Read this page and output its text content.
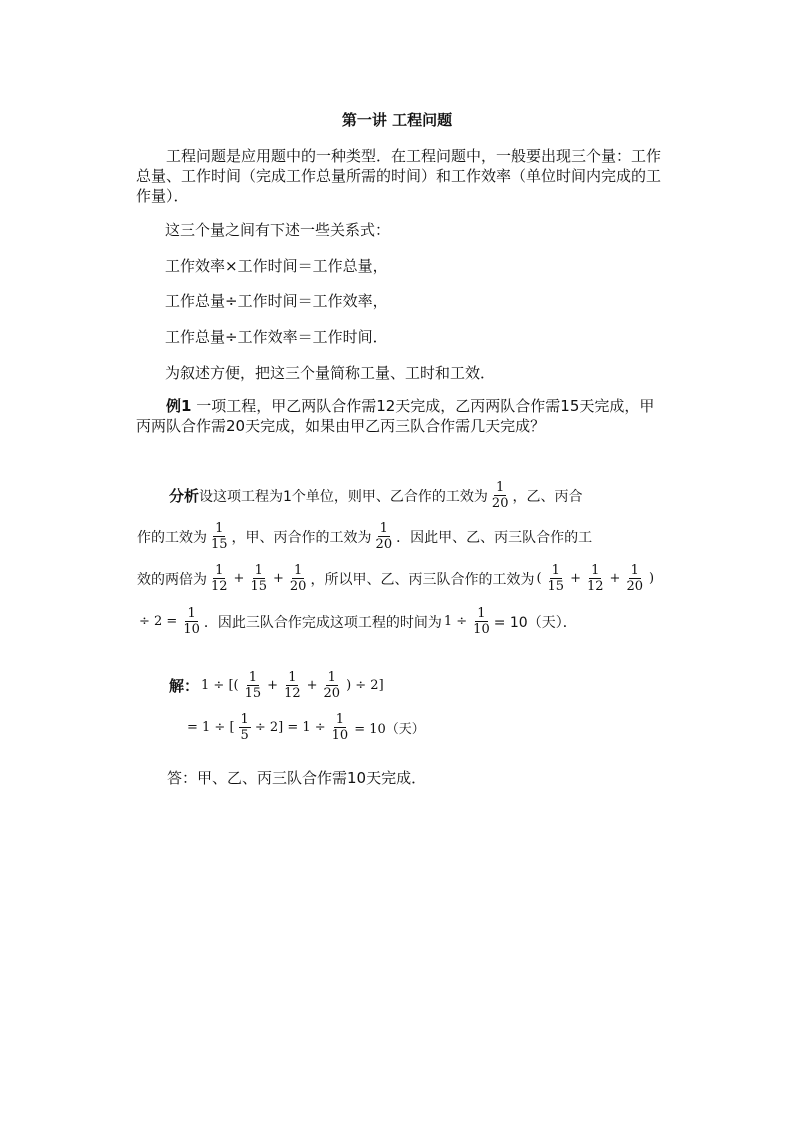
第一讲 工程问题

工程问题是应用题中的一种类型．在工程问题中，一般要出现三个量：工作总量、工作时间（完成工作总量所需的时间）和工作效率（单位时间内完成的工作量）．

这三个量之间有下述一些关系式：
工作效率×工作时间＝工作总量，
工作总量÷工作时间＝工作效率，
工作总量÷工作效率＝工作时间．
为叙述方便，把这三个量简称工量、工时和工效．

例1 一项工程，甲乙两队合作需12天完成，乙丙两队合作需15天完成，甲丙两队合作需20天完成，如果由甲乙丙三队合作需几天完成？

分析 设这项工程为1个单位，则甲、乙合作的工效为 $\frac{1}{20}$ ，乙、丙合
作的工效为 $\frac{1}{15}$ ，甲、丙合作的工效为 $\frac{1}{20}$ ．因此甲、乙、丙三队合作的工
效的两倍为 $\frac{1}{12} + \frac{1}{15} + \frac{1}{20}$ ，所以甲、乙、丙三队合作的工效为 ( $\frac{1}{15} + \frac{1}{12} + \frac{1}{20}$ )
÷ $2 = \frac{1}{10}$ ．因此三队合作完成这项工程的时间为 $1 \div \frac{1}{10} = 10$（天）．
解 ： 1 ÷ [( $\frac{1}{15} + \frac{1}{12} + \frac{1}{20}$ ) ÷ 2]
= 1 ÷ [ $\frac{1}{5} \div 2] = 1 \div \frac{1}{10} = 10$（天）
答：甲、乙、丙三队合作需10天完成．
